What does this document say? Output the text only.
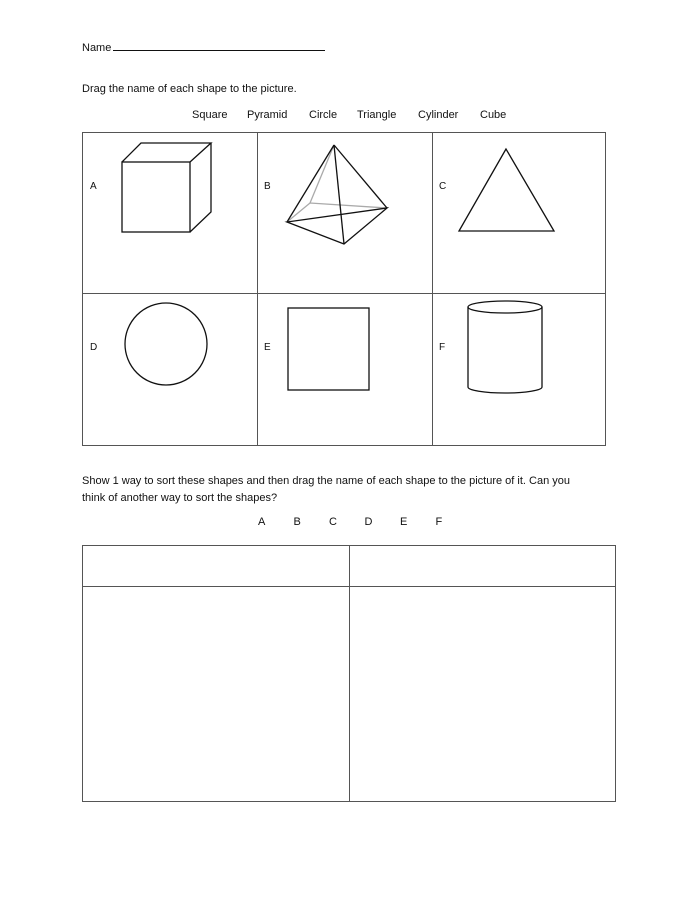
Name
Drag the name of each shape to the picture.
Square	Pyramid	Circle	Triangle	Cylinder	Cube
A	B	C
D	E	F
Show 1 way to sort these shapes and then drag the name of each shape to the picture of it. Can you
think of another way to sort the shapes?
A	B	C	D	E	F
